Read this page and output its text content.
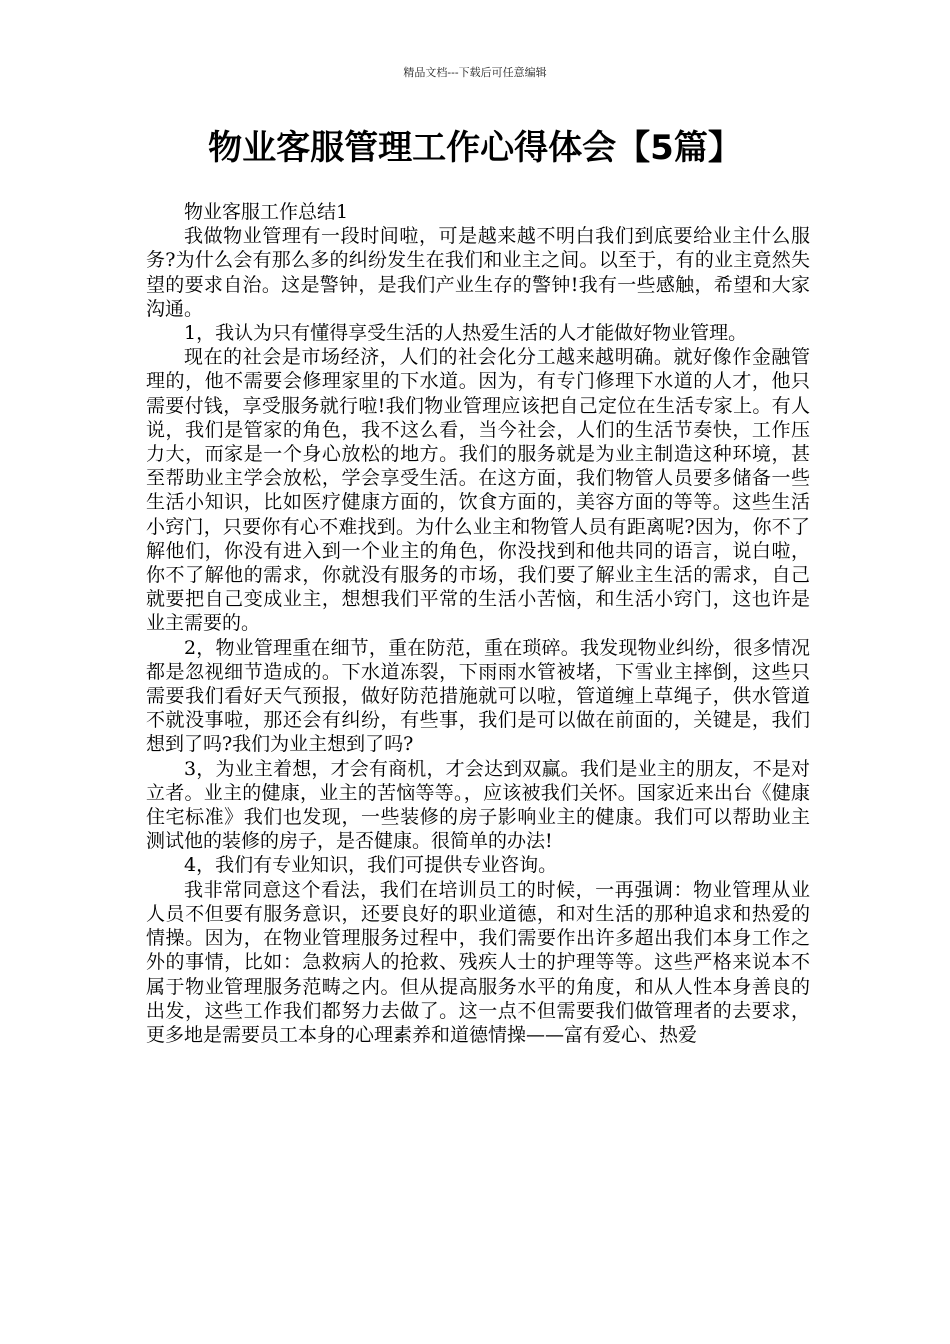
精品文档---下载后可任意编辑
物业客服管理工作心得体会【5篇】

物业客服工作总结1

我做物业管理有一段时间啦，可是越来越不明白我们到底要给业主什么服务?为什么会有那么多的纠纷发生在我们和业主之间。以至于，有的业主竟然失望的要求自治。这是警钟，是我们产业生存的警钟!我有一些感触，希望和大家沟通。

1，我认为只有懂得享受生活的人热爱生活的人才能做好物业管理。

现在的社会是市场经济，人们的社会化分工越来越明确。就好像作金融管理的，他不需要会修理家里的下水道。因为，有专门修理下水道的人才，他只需要付钱，享受服务就行啦!我们物业管理应该把自己定位在生活专家上。有人说，我们是管家的角色，我不这么看，当今社会，人们的生活节奏快，工作压力大，而家是一个身心放松的地方。我们的服务就是为业主制造这种环境，甚至帮助业主学会放松，学会享受生活。在这方面，我们物管人员要多储备一些生活小知识，比如医疗健康方面的，饮食方面的，美容方面的等等。这些生活小窍门，只要你有心不难找到。为什么业主和物管人员有距离呢?因为，你不了解他们，你没有进入到一个业主的角色，你没找到和他共同的语言，说白啦，你不了解他的需求，你就没有服务的市场，我们要了解业主生活的需求，自己就要把自己变成业主，想想我们平常的生活小苦恼，和生活小窍门，这也许是业主需要的。

2，物业管理重在细节，重在防范，重在琐碎。我发现物业纠纷，很多情况都是忽视细节造成的。下水道冻裂，下雨雨水管被堵，下雪业主摔倒，这些只需要我们看好天气预报，做好防范措施就可以啦，管道缠上草绳子，供水管道不就没事啦，那还会有纠纷，有些事，我们是可以做在前面的，关键是，我们想到了吗?我们为业主想到了吗?

3，为业主着想，才会有商机，才会达到双赢。我们是业主的朋友，不是对立者。业主的健康，业主的苦恼等等。，应该被我们关怀。国家近来出台《健康住宅标准》我们也发现，一些装修的房子影响业主的健康。我们可以帮助业主测试他的装修的房子，是否健康。很简单的办法!

4，我们有专业知识，我们可提供专业咨询。

我非常同意这个看法，我们在培训员工的时候，一再强调：物业管理从业人员不但要有服务意识，还要良好的职业道德，和对生活的那种追求和热爱的情操。因为，在物业管理服务过程中，我们需要作出许多超出我们本身工作之外的事情，比如：急救病人的抢救、残疾人士的护理等等。这些严格来说本不属于物业管理服务范畴之内。但从提高服务水平的角度，和从人性本身善良的出发，这些工作我们都努力去做了。这一点不但需要我们做管理者的去要求，更多地是需要员工本身的心理素养和道德情操——富有爱心、热爱
